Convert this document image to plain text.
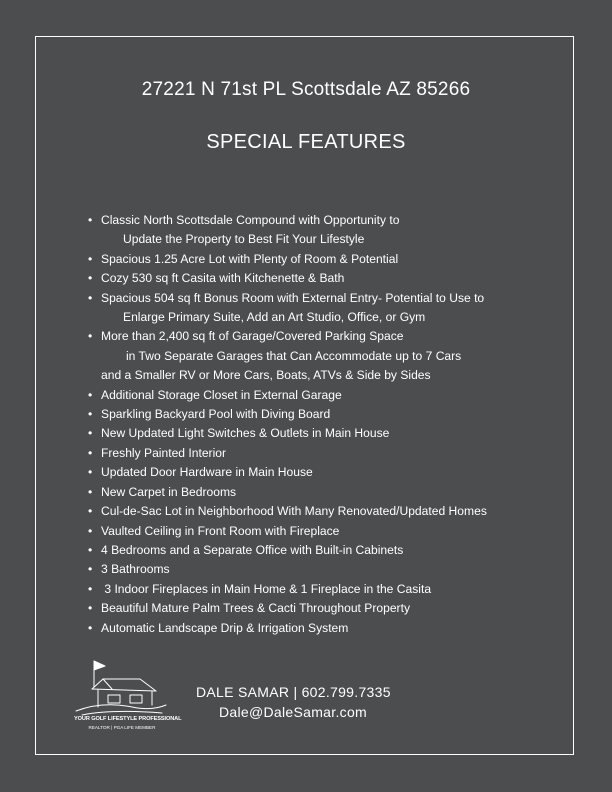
27221 N 71st PL Scottsdale AZ 85266
SPECIAL FEATURES
• Classic North Scottsdale Compound with Opportunity to
Update the Property to Best Fit Your Lifestyle
• Spacious 1.25 Acre Lot with Plenty of Room & Potential
• Cozy 530 sq ft Casita with Kitchenette & Bath
• Spacious 504 sq ft Bonus Room with External Entry- Potential to Use to
Enlarge Primary Suite, Add an Art Studio, Office, or Gym
• More than 2,400 sq ft of Garage/Covered Parking Space
in Two Separate Garages that Can Accommodate up to 7 Cars
and a Smaller RV or More Cars, Boats, ATVs & Side by Sides
• Additional Storage Closet in External Garage
• Sparkling Backyard Pool with Diving Board
• New Updated Light Switches & Outlets in Main House
• Freshly Painted Interior
• Updated Door Hardware in Main House
• New Carpet in Bedrooms
• Cul-de-Sac Lot in Neighborhood With Many Renovated/Updated Homes
• Vaulted Ceiling in Front Room with Fireplace
• 4 Bedrooms and a Separate Office with Built-in Cabinets
• 3 Bathrooms
• 3 Indoor Fireplaces in Main Home & 1 Fireplace in the Casita
• Beautiful Mature Palm Trees & Cacti Throughout Property
• Automatic Landscape Drip & Irrigation System
YOUR GOLF LIFESTYLE PROFESSIONAL
REALTOR | PGA LIFE MEMBER
DALE SAMAR | 602.799.7335
Dale@DaleSamar.com
